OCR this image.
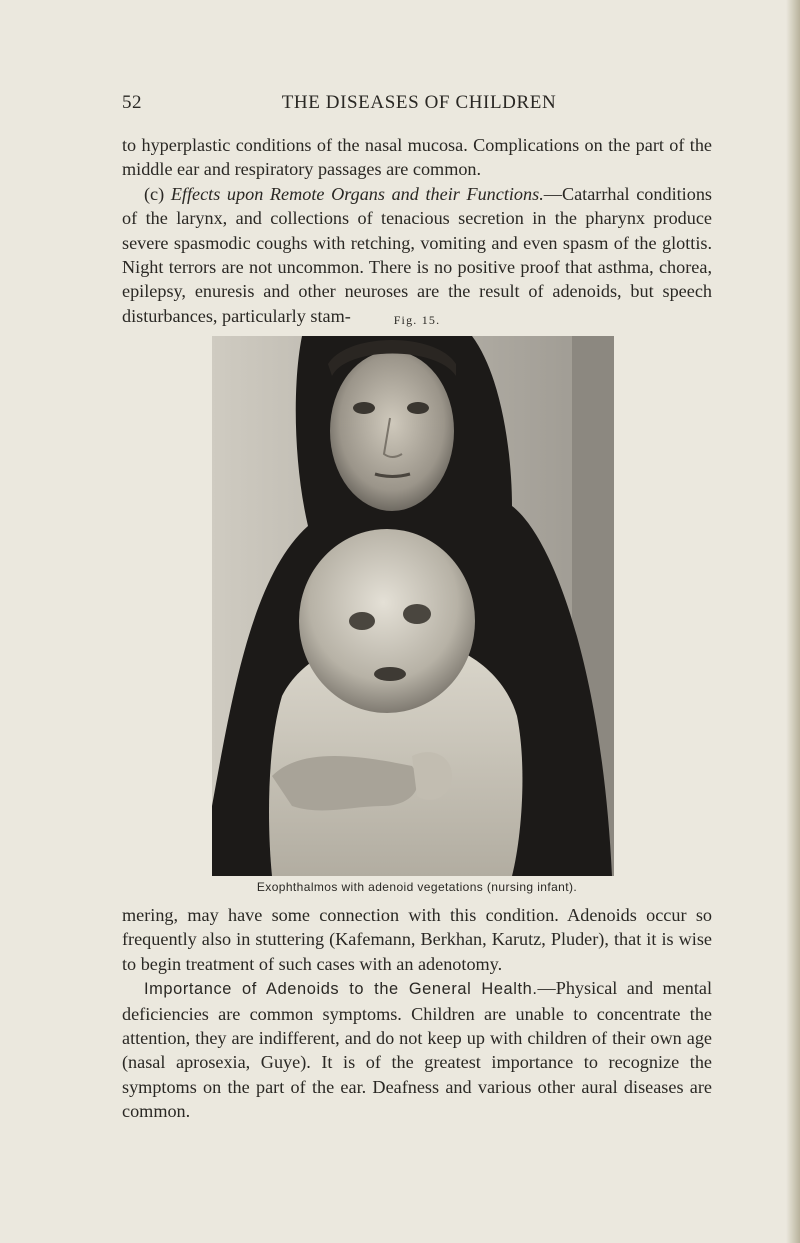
52	THE DISEASES OF CHILDREN

to hyperplastic conditions of the nasal mucosa. Complications on the part of the middle ear and respiratory passages are common.

(c) Effects upon Remote Organs and their Functions.—Catarrhal conditions of the larynx, and collections of tenacious secretion in the pharynx produce severe spasmodic coughs with retching, vomiting and even spasm of the glottis. Night terrors are not uncommon. There is no positive proof that asthma, chorea, epilepsy, enuresis and other neuroses are the result of adenoids, but speech disturbances, particularly stam-	Fig. 15.
Exophthalmos with adenoid vegetations (nursing infant).

mering, may have some connection with this condition. Adenoids occur so frequently also in stuttering (Kafemann, Berkhan, Karutz, Pluder), that it is wise to begin treatment of such cases with an adenotomy.

Importance of Adenoids to the General Health.—Physical and mental deficiencies are common symptoms. Children are unable to concentrate the attention, they are indifferent, and do not keep up with children of their own age (nasal aprosexia, Guye). It is of the greatest importance to recognize the symptoms on the part of the ear. Deafness and various other aural diseases are common.
